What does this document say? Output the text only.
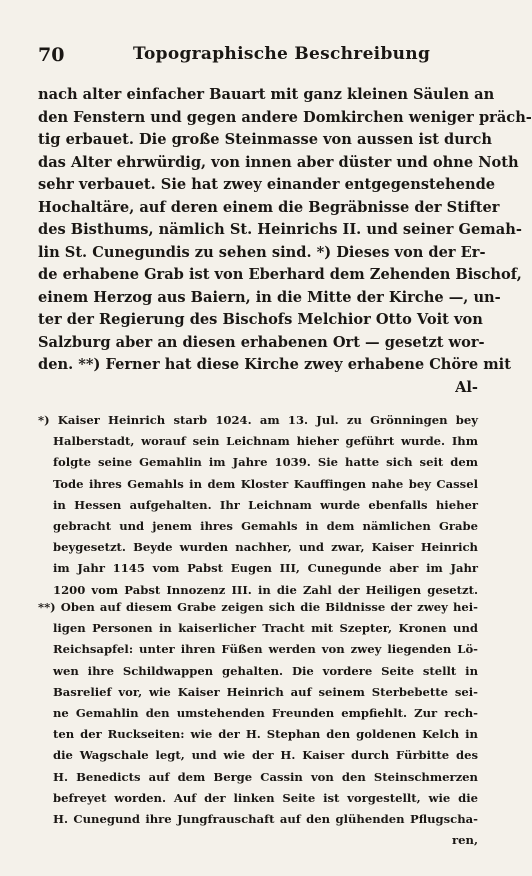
70	Topographische Beschreibung
nach alter einfacher Bauart mit ganz kleinen Säulen an
den Fenstern und gegen andere Domkirchen weniger präch-
tig erbauet. Die große Steinmasse von aussen ist durch
das Alter ehrwürdig, von innen aber düster und ohne Noth
sehr verbauet. Sie hat zwey einander entgegenstehende
Hochaltäre, auf deren einem die Begräbnisse der Stifter
des Bisthums, nämlich St. Heinrichs II. und seiner Gemah-
lin St. Cunegundis zu sehen sind. *) Dieses von der Er-
de erhabene Grab ist von Eberhard dem Zehenden Bischof,
einem Herzog aus Baiern, in die Mitte der Kirche —, un-
ter der Regierung des Bischofs Melchior Otto Voit von
Salzburg aber an diesen erhabenen Ort — gesetzt wor-
den. **) Ferner hat diese Kirche zwey erhabene Chöre mit
Al-
*) Kaiser Heinrich starb 1024. am 13. Jul. zu Grönningen bey
Halberstadt, worauf sein Leichnam hieher geführt wurde. Ihm
folgte seine Gemahlin im Jahre 1039. Sie hatte sich seit dem
Tode ihres Gemahls in dem Kloster Kauffingen nahe bey Cassel
in Hessen aufgehalten. Ihr Leichnam wurde ebenfalls hieher
gebracht und jenem ihres Gemahls in dem nämlichen Grabe
beygesetzt. Beyde wurden nachher, und zwar, Kaiser Heinrich
im Jahr 1145 vom Pabst Eugen III, Cunegunde aber im Jahr
1200 vom Pabst Innozenz III. in die Zahl der Heiligen gesetzt.
**) Oben auf diesem Grabe zeigen sich die Bildnisse der zwey hei-
ligen Personen in kaiserlicher Tracht mit Szepter, Kronen und
Reichsapfel: unter ihren Füßen werden von zwey liegenden Lö-
wen ihre Schildwappen gehalten. Die vordere Seite stellt in
Basrelief vor, wie Kaiser Heinrich auf seinem Sterbebette sei-
ne Gemahlin den umstehenden Freunden empfiehlt. Zur rech-
ten der Ruckseiten: wie der H. Stephan den goldenen Kelch in
die Wagschale legt, und wie der H. Kaiser durch Fürbitte des
H. Benedicts auf dem Berge Cassin von den Steinschmerzen
befreyet worden. Auf der linken Seite ist vorgestellt, wie die
H. Cunegund ihre Jungfrauschaft auf den glühenden Pflugscha-
ren,
